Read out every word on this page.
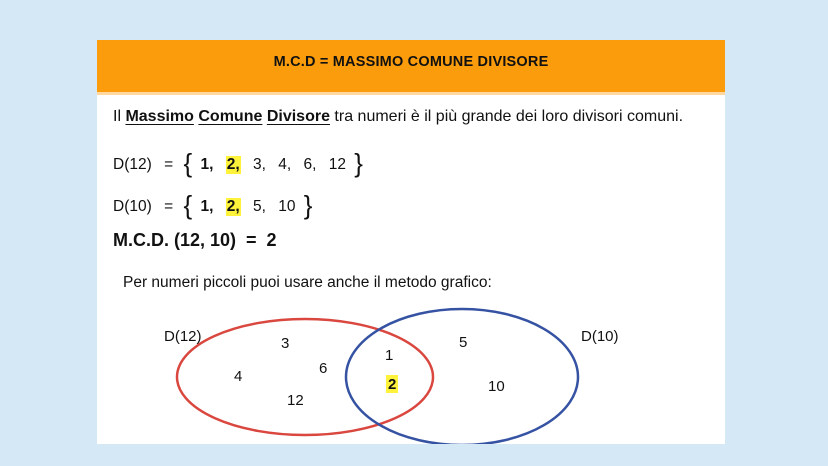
M.C.D = MASSIMO COMUNE DIVISORE
Il Massimo Comune Divisore tra numeri è il più grande dei loro divisori comuni.
D(12) = { 1, 2, 3, 4, 6, 12 }
D(10) = { 1, 2, 5, 10 }
M.C.D. (12, 10)  =  2
Per numeri piccoli puoi usare anche il metodo grafico:
D(12)	D(10)
3
4	6
12
1
2
5
10
